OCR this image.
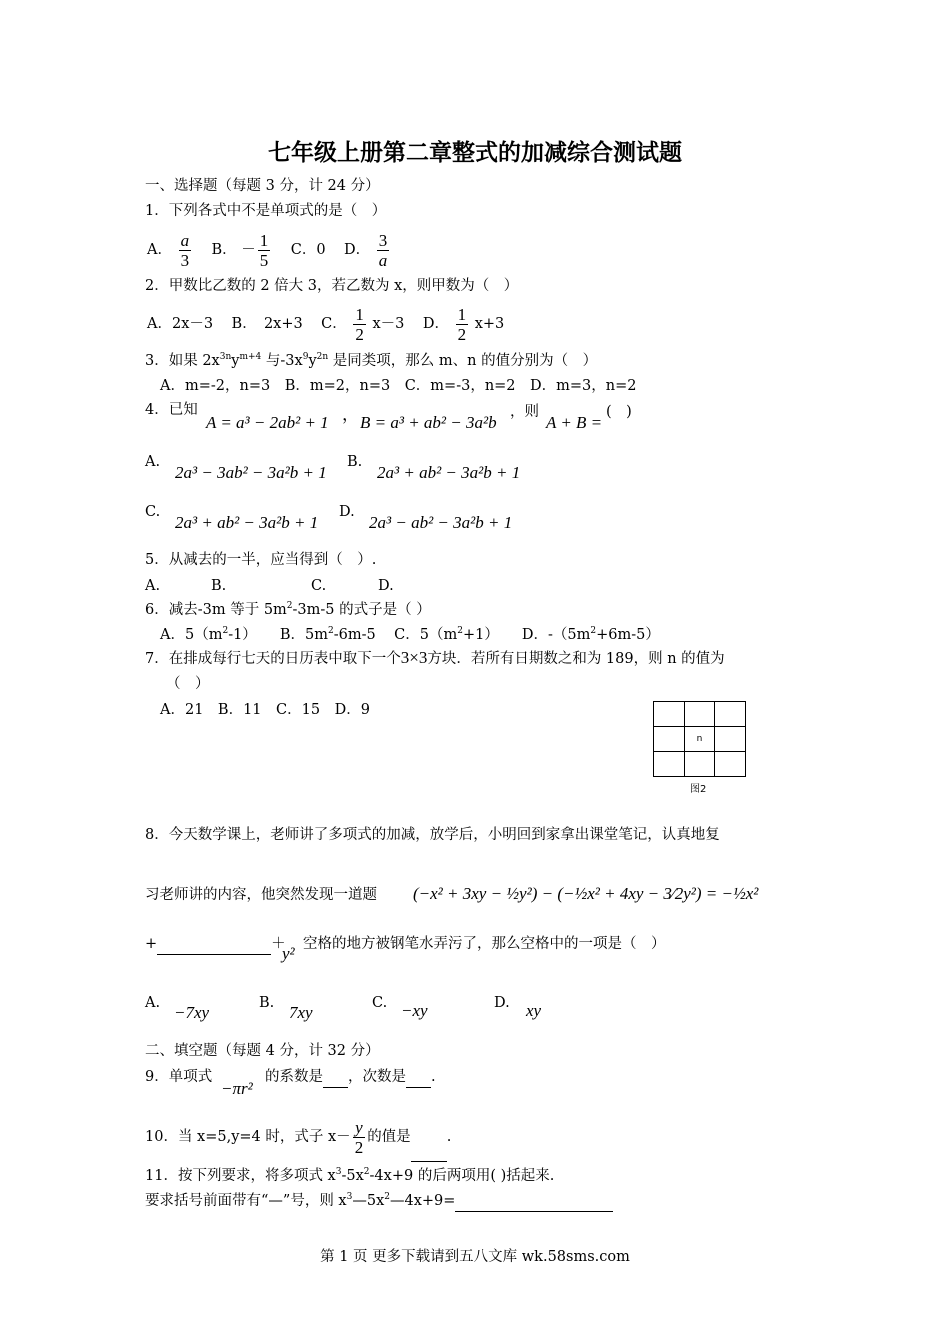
七年级上册第二章整式的加减综合测试题
一、选择题（每题 3 分，计 24 分）
1．下列各式中不是单项式的是（　）
A． $\frac{a}{3}$ B． － $\frac{1}{5}$ C．0 D． $\frac{3}{a}$
2．甲数比乙数的 2 倍大 3，若乙数为 x，则甲数为（　）
A．2x－3 B．　2x+3 C． $\frac{1}{2} x-3$ D． $\frac{1}{2} x+3$
3．如果 $2x^{3n}y^{m+4}$ 与$-3x^9y^{2n}$ 是同类项，那么 m、n 的值分别为（　）
A．m=-2，n=3　B．m=2，n=3　C．m=-3，n=2　D．m=3，n=2
4．已知
A = a³ − 2ab² + 1 ， B = a³ + ab² − 3a²b
，则
A + B =
(　)
A.
2a³ − 3ab² − 3a²b + 1
B.
2a³ + ab² − 3a²b + 1
C.
2a³ + ab² − 3a²b + 1
D.
2a³ − ab² − 3a²b + 1
5．从减去的一半，应当得到（　）.
A.	B.	C.	D.
6．减去-3m 等于 $5m^2-3m-5$ 的式子是（ ）
A．$5(m^2-1)$ B．$5m^2-6m-5$ C．$5(m^2+1)$ D．$-(5m^2+6m-5)$
7．在排成每行七天的日历表中取下一个3×3方块．若所有日期数之和为 189，则 n 的值为
（　）
A．21　B．11　C．15　D．9

	n	

图2
8．今天数学课上，老师讲了多项式的加减，放学后，小明回到家拿出课堂笔记，认真地复
习老师讲的内容，他突然发现一道题 (−x² + 3xy − ½y²) − (−½x² + 4xy − 3⁄2y²) = −½x²
+	＋
y² 空格的地方被钢笔水弄污了，那么空格中的一项是（　）
A. −7xy	B. 7xy	C. −xy	D. xy
二、填空题（每题 4 分，计 32 分）
9．单项式
−πr²
的系数是 ，次数是 .
10．当 x=5,y=4 时，式子 $x- \frac{y}{2}$ 的值是 .
11．按下列要求，将多项式 $x^3-5x^2-4x+9$ 的后两项用( )括起来.
要求括号前面带有“—”号，则 $x^3—5x^2—4x+9=$
第 1 页 更多下载请到五八文库 wk.58sms.com
